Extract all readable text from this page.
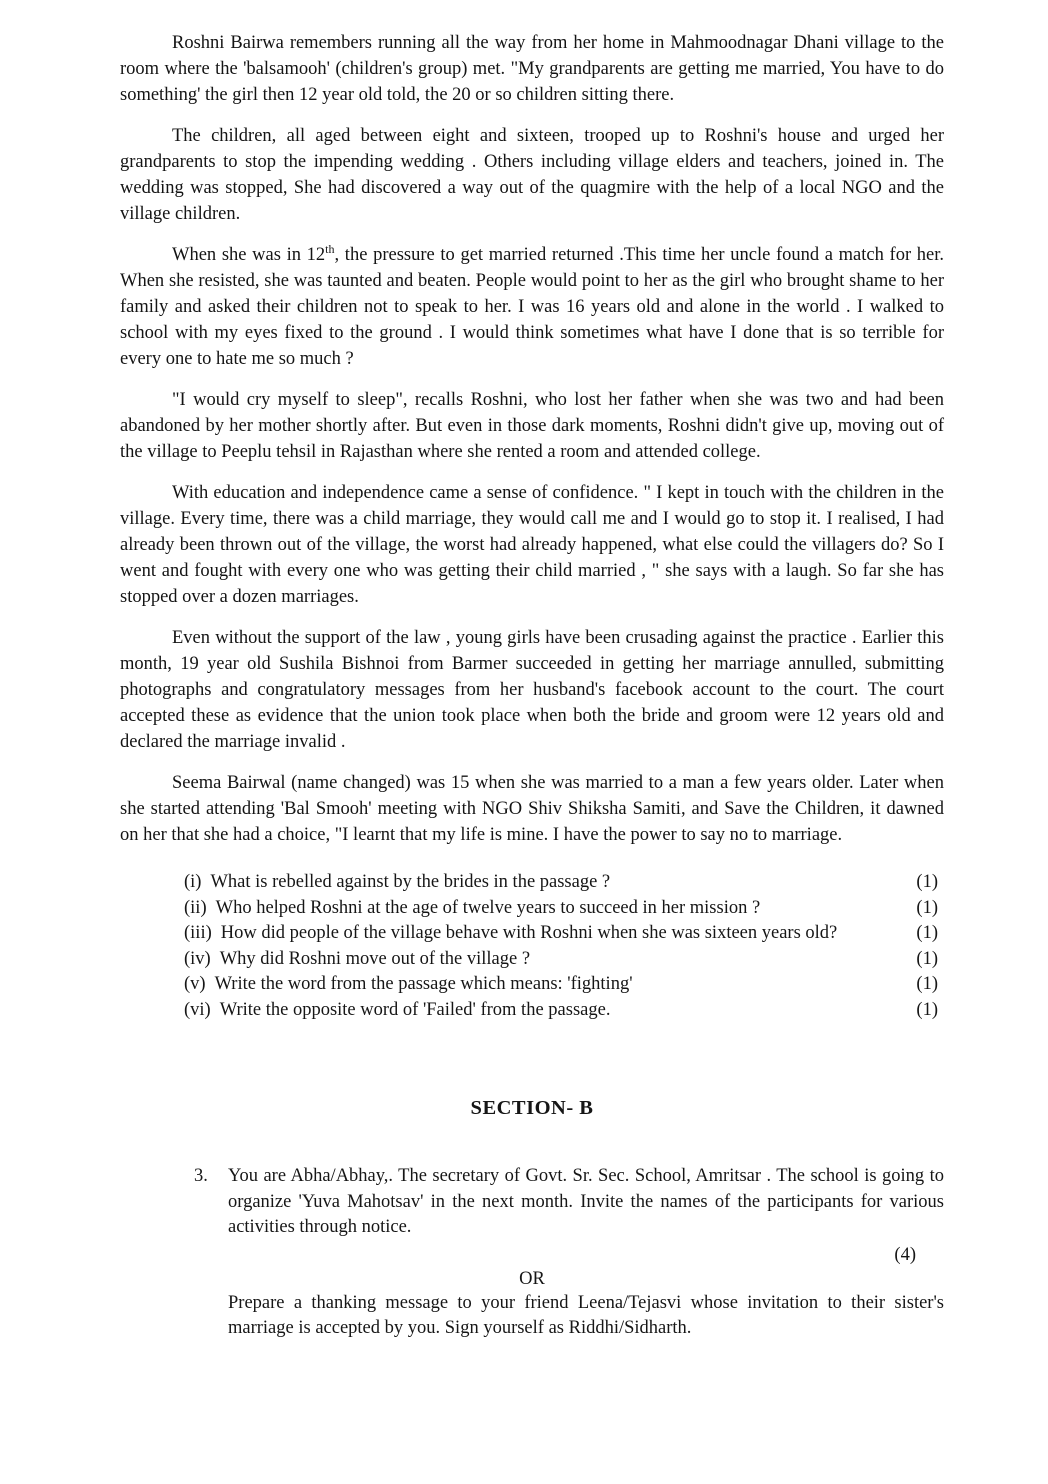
Roshni Bairwa remembers running all the way from her home in Mahmoodnagar Dhani village to the room where the 'balsamooh' (children's group) met. "My grandparents are getting me married, You have to do something' the girl then 12 year old told, the 20 or so children sitting there.

The children, all aged between eight and sixteen, trooped up to Roshni's house and urged her grandparents to stop the impending wedding . Others including village elders and teachers, joined in. The wedding was stopped, She had discovered a way out of the quagmire with the help of a local NGO and the village children.

When she was in 12th, the pressure to get married returned .This time her uncle found a match for her. When she resisted, she was taunted and beaten. People would point to her as the girl who brought shame to her family and asked their children not to speak to her. I was 16 years old and alone in the world . I walked to school with my eyes fixed to the ground . I would think sometimes what have I done that is so terrible for every one to hate me so much ?

"I would cry myself to sleep", recalls Roshni, who lost her father when she was two and had been abandoned by her mother shortly after. But even in those dark moments, Roshni didn't give up, moving out of the village to Peeplu tehsil in Rajasthan where she rented a room and attended college.

With education and independence came a sense of confidence. " I kept in touch with the children in the village. Every time, there was a child marriage, they would call me and I would go to stop it. I realised, I had already been thrown out of the village, the worst had already happened, what else could the villagers do? So I went and fought with every one who was getting their child married , " she says with a laugh. So far she has stopped over a dozen marriages.

Even without the support of the law , young girls have been crusading against the practice . Earlier this month, 19 year old Sushila Bishnoi from Barmer succeeded in getting her marriage annulled, submitting photographs and congratulatory messages from her husband's facebook account to the court. The court accepted these as evidence that the union took place when both the bride and groom were 12 years old and declared the marriage invalid .

Seema Bairwal (name changed) was 15 when she was married to a man a few years older. Later when she started attending 'Bal Smooh' meeting with NGO Shiv Shiksha Samiti, and Save the Children, it dawned on her that she had a choice, "I learnt that my life is mine. I have the power to say no to marriage.

(i) What is rebelled against by the brides in the passage ?	(1)
(ii) Who helped Roshni at the age of twelve years to succeed in her mission ?	(1)
(iii) How did people of the village behave with Roshni when she was sixteen years old?	(1)
(iv) Why did Roshni move out of the village ?	(1)
(v) Write the word from the passage which means: 'fighting'	(1)
(vi) Write the opposite word of 'Failed' from the passage.	(1)
SECTION- B
3.	You are Abha/Abhay,. The secretary of Govt. Sr. Sec. School, Amritsar . The school is going to organize 'Yuva Mahotsav' in the next month. Invite the names of the participants for various activities through notice.
(4)
OR
Prepare a thanking message to your friend Leena/Tejasvi whose invitation to their sister's marriage is accepted by you. Sign yourself as Riddhi/Sidharth.
